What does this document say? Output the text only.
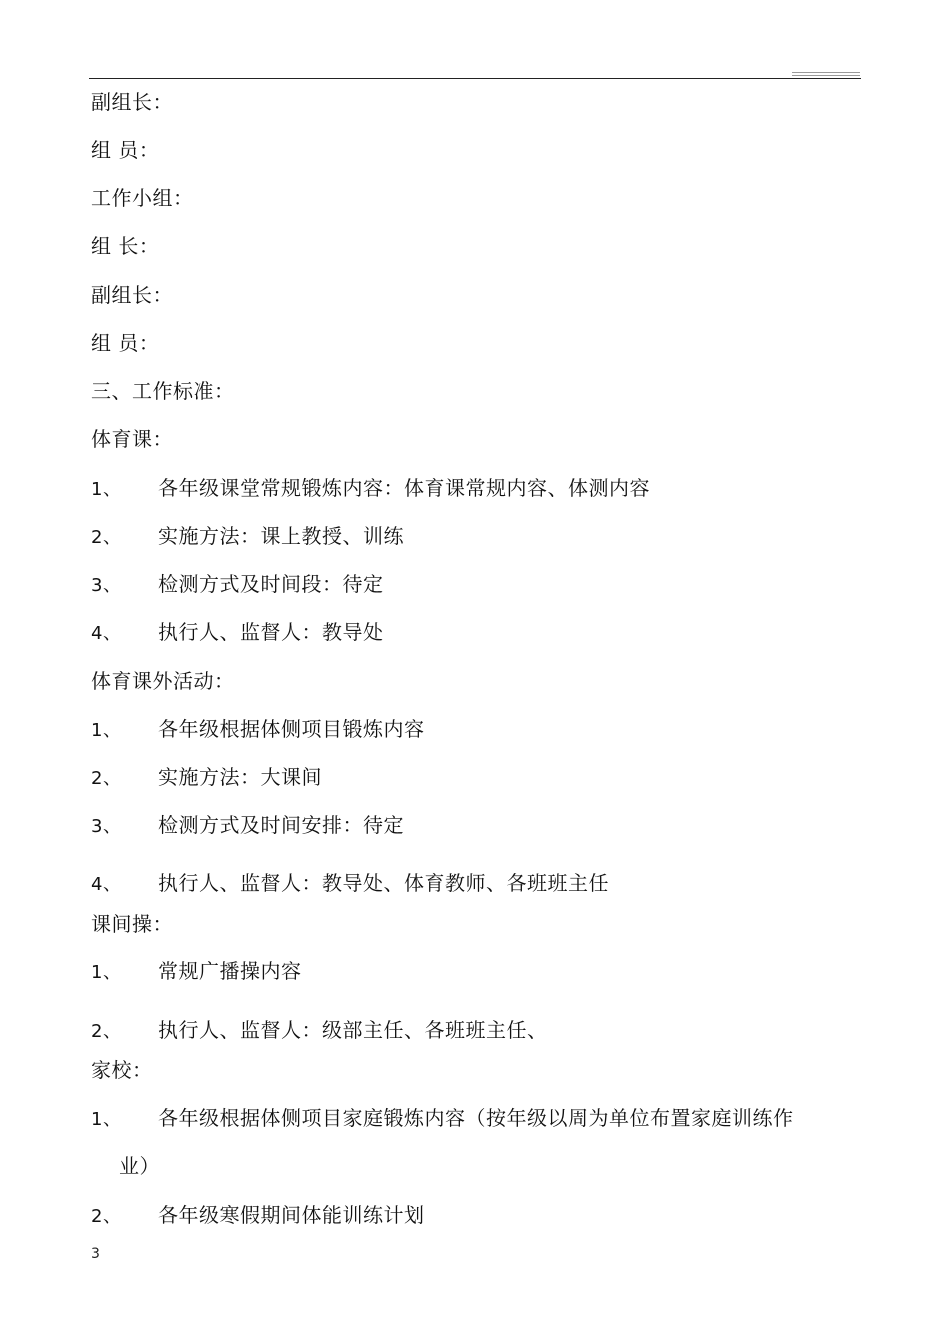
副组长：
组 员：
工作小组：
组 长：
副组长：
组 员：
三、工作标准：
体育课：
1、 各年级课堂常规锻炼内容：体育课常规内容、体测内容
2、 实施方法：课上教授、训练
3、 检测方式及时间段：待定
4、 执行人、监督人：教导处
体育课外活动：
1、 各年级根据体侧项目锻炼内容
2、 实施方法：大课间
3、 检测方式及时间安排：待定
4、 执行人、监督人：教导处、体育教师、各班班主任
课间操：
1、 常规广播操内容
2、 执行人、监督人：级部主任、各班班主任、
家校：
1、 各年级根据体侧项目家庭锻炼内容（按年级以周为单位布置家庭训练作
业）
2、 各年级寒假期间体能训练计划
3
